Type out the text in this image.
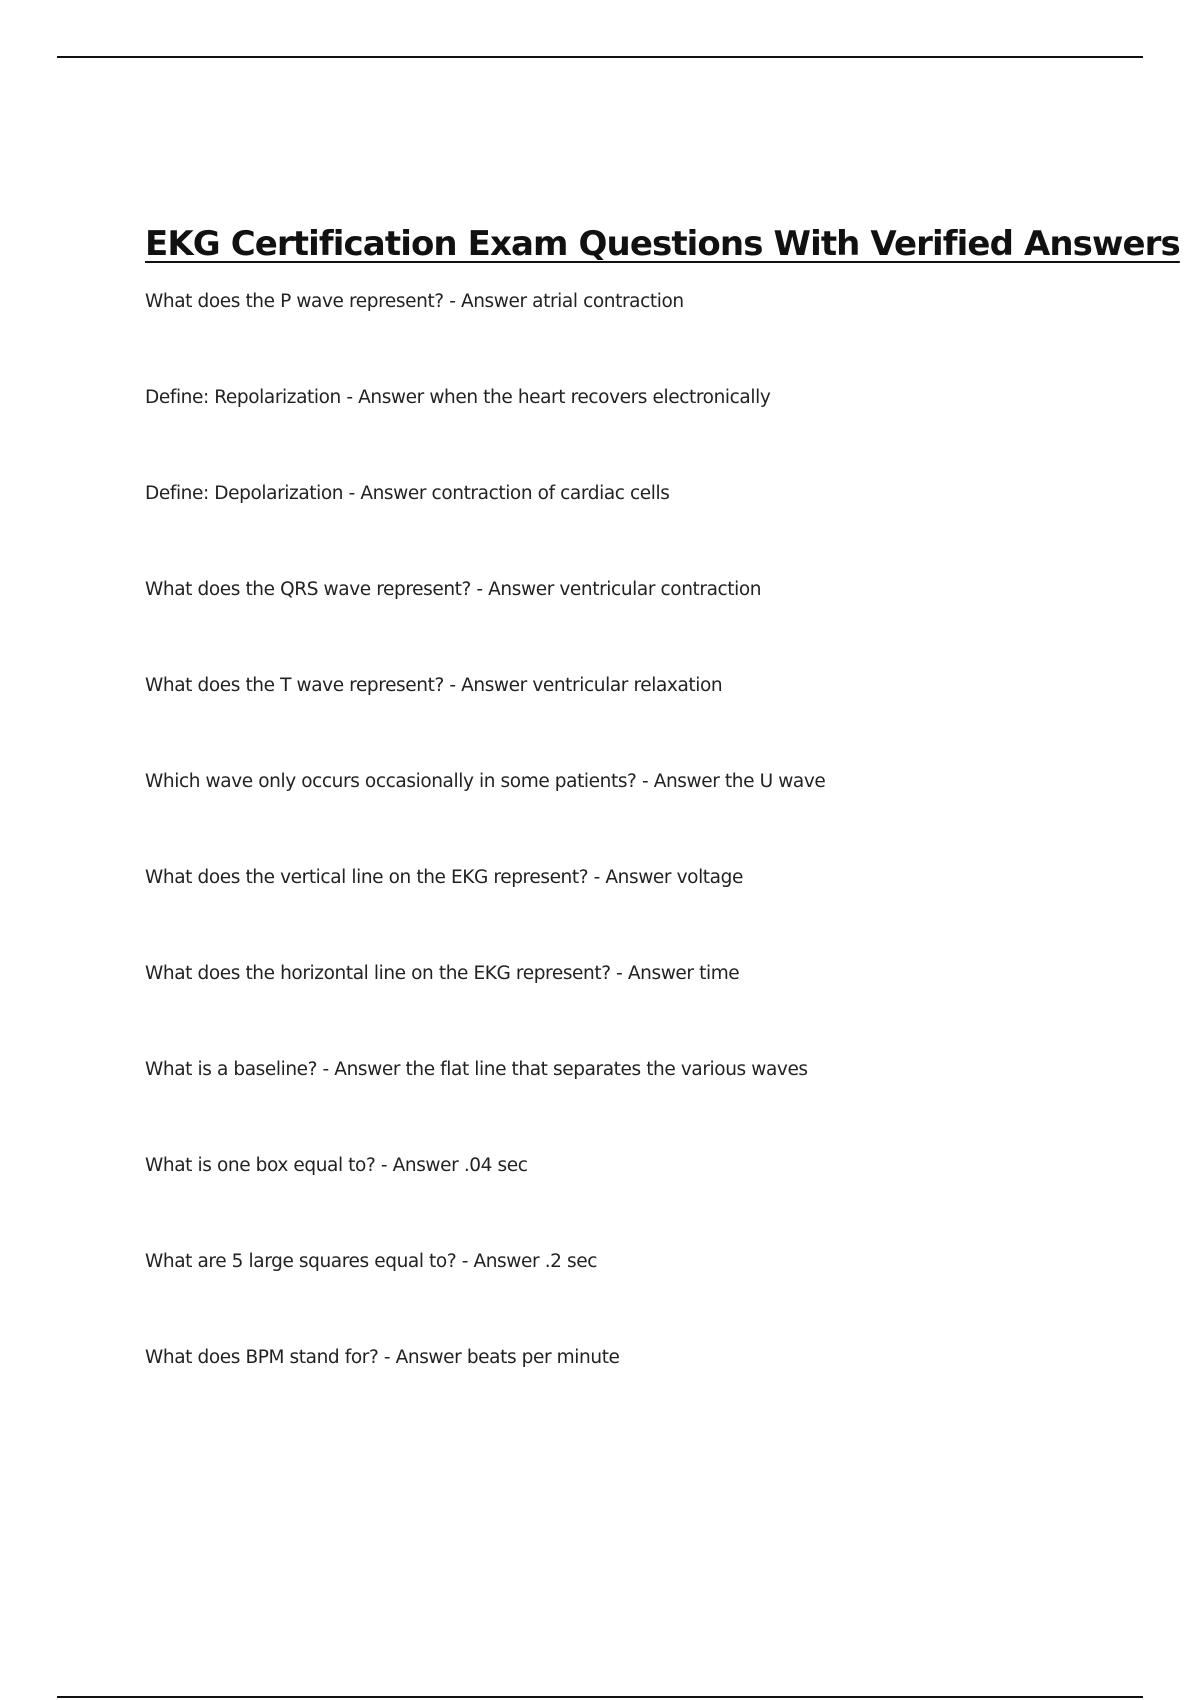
EKG Certification Exam Questions With Verified Answers
What does the P wave represent? - Answer atrial contraction
Define: Repolarization - Answer when the heart recovers electronically
Define: Depolarization - Answer contraction of cardiac cells
What does the QRS wave represent? - Answer ventricular contraction
What does the T wave represent? - Answer ventricular relaxation
Which wave only occurs occasionally in some patients? - Answer the U wave
What does the vertical line on the EKG represent? - Answer voltage
What does the horizontal line on the EKG represent? - Answer time
What is a baseline? - Answer the flat line that separates the various waves
What is one box equal to? - Answer .04 sec
What are 5 large squares equal to? - Answer .2 sec
What does BPM stand for? - Answer beats per minute
